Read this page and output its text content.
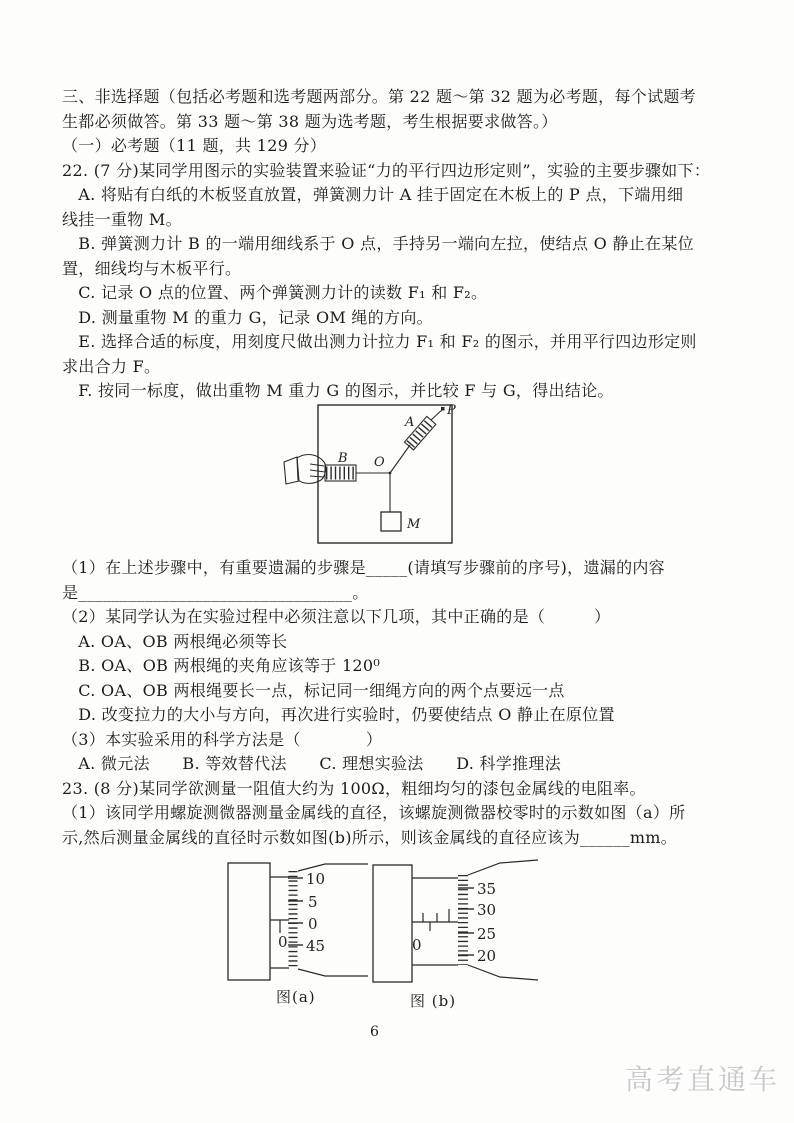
三、非选择题（包括必考题和选考题两部分。第 22 题～第 32 题为必考题，每个试题考
生都必须做答。第 33 题～第 38 题为选考题，考生根据要求做答。）
（一）必考题（11 题，共 129 分）
22. (7 分)某同学用图示的实验装置来验证“力的平行四边形定则”，实验的主要步骤如下：
　A. 将贴有白纸的木板竖直放置，弹簧测力计 A 挂于固定在木板上的 P 点，下端用细
线挂一重物 M。
　B. 弹簧测力计 B 的一端用细线系于 O 点，手持另一端向左拉，使结点 O 静止在某位
置，细线均与木板平行。
　C. 记录 O 点的位置、两个弹簧测力计的读数 F₁ 和 F₂。
　D. 测量重物 M 的重力 G，记录 OM 绳的方向。
　E. 选择合适的标度，用刻度尺做出测力计拉力 F₁ 和 F₂ 的图示，并用平行四边形定则
求出合力 F。
　F. 按同一标度，做出重物 M 重力 G 的图示，并比较 F 与 G，得出结论。
A
B O
P
M
（1）在上述步骤中，有重要遗漏的步骤是_____(请填写步骤前的序号)，遗漏的内容
是_________________________________。
（2）某同学认为在实验过程中必须注意以下几项，其中正确的是（　　　）
　A. OA、OB 两根绳必须等长
　B. OA、OB 两根绳的夹角应该等于 120⁰
　C. OA、OB 两根绳要长一点，标记同一细绳方向的两个点要远一点
　D. 改变拉力的大小与方向，再次进行实验时，仍要使结点 O 静止在原位置
（3）本实验采用的科学方法是（　　　　）
　A. 微元法　　B. 等效替代法　　C. 理想实验法　　D. 科学推理法
23. (8 分)某同学欲测量一阻值大约为 100Ω，粗细均匀的漆包金属线的电阻率。
（1）该同学用螺旋测微器测量金属线的直径，该螺旋测微器校零时的示数如图（a）所
示,然后测量金属线的直径时示数如图(b)所示，则该金属线的直径应该为______mm。
0
10
5
0
45
图(a)
0
35
30
25
20
图 (b)
6
高考直通车
